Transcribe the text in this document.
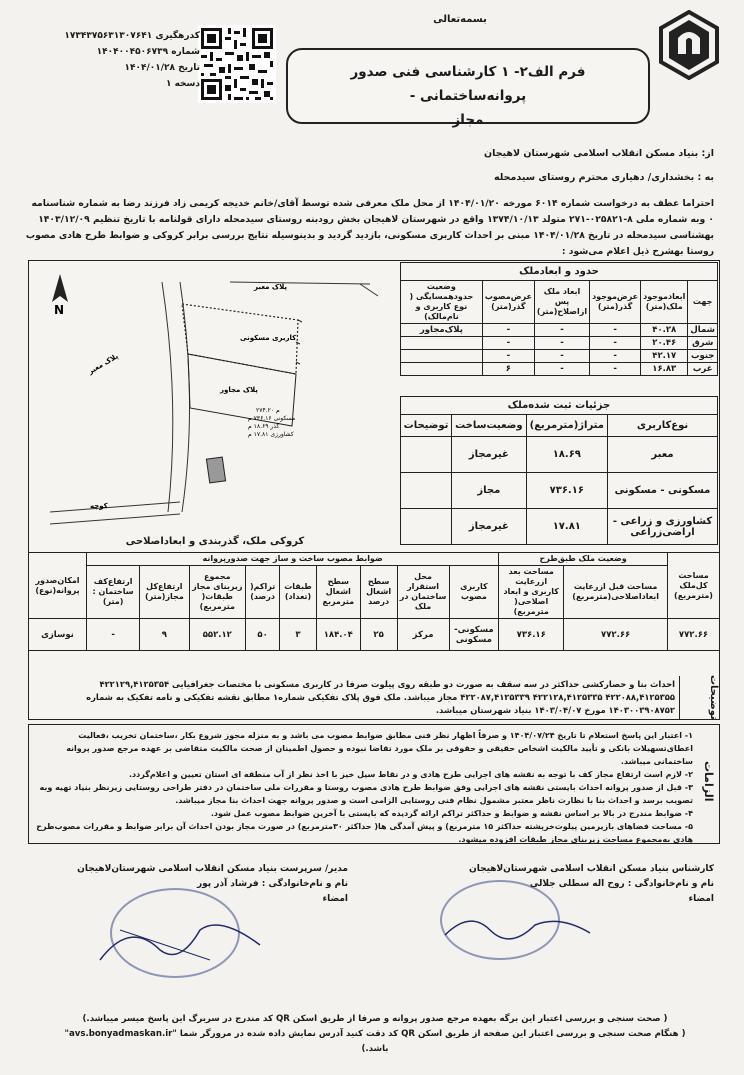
بسمه‌تعالی
کدرهگیری ۱۷۳۴۳۷۵۶۳۱۳۰۷۶۴۱
شماره ۱۴۰۴۰۰۴۵۰۶۷۳۹
تاریخ ۱۴۰۴/۰۱/۲۸
دسخه ۱
فرم الف۲- ۱ کارشناسی فنی صدور پروانه‌ساختمانی -
مجاز
از: بنیاد مسکن انقلاب اسلامی شهرستان لاهیجان
به : بخشداری/ دهیاری محترم روستای سیدمحله
احتراما عطف به درخواست شماره ۶۰۱۴ مورخه ۱۴۰۴/۰۱/۲۰ از محل ملک معرفی شده توسط آقای/خانم خدیجه کریمی زاد فرزند رضا به شماره شناسنامه ۰ وبه شماره ملی ۸-۰۲۵۸۲۱-۲۷۱ متولد ۱۳۷۴/۱۰/۱۳ واقع در شهرستان لاهیجان بخش رودبنه روستای سیدمحله دارای قولنامه با تاریخ تنظیم ۱۴۰۳/۱۲/۰۹ بهشناسی سیدمحله در تاریخ ۱۴۰۴/۰۱/۲۸ مبنی بر احداث کاربری مسکونی، بازدید گردید و بدینوسیله نتایج بررسی برابر کروکی و ضوابط طرح هادی مصوب روستا بهشرح ذیل اعلام می‌شود :
N
کاربری مسکونی
پلاک معبر
پلاک مجاور
پلاک معبر
کوچه
۲۷۴.۲۰ م
مسکونی ۷۳۶.۱۶ م
گذر ۱۸.۶۹ م
کشاورزی ۱۷.۸۱ م
کروکی ملک، گذربندی و ابعاداصلاحی
حدود و ابعادملک					
جهت	ابعادموجود ملک(متر)	عرض‌موجود گذر(متر)	ابعاد ملک پس ازاصلاح(متر)	عرض‌مصوب گذر(متر)	وضعیت حدودهمسایگی ( نوع کاربری و نام‌مالک)
شمال	۴۰.۲۸	-	-	-	پلاک‌مجاور
شرق	۲۰.۴۶	-	-	-	
جنوب	۴۲.۱۷	-	-	-	
غرب	۱۶.۸۳	-	-	۶	
جزئیات ثبت شده‌ملک			
نوع‌کاربری	متراژ(مترمربع)	وضعیت‌ساخت	توضیحات
معبر	۱۸.۶۹	غیرمجاز	
مسکونی - مسکونی	۷۳۶.۱۶	مجاز	
کشاورزی و زراعی - اراضی‌زراعی	۱۷.۸۱	غیرمجاز	
مساحت کل‌ملک (مترمربع)	وضعیت ملک طبق‌طرح		ضوابط مصوب ساخت و ساز جهت صدورپروانه									امکان‌صدور پروانه(نوع)
	مساحت قبل ازرعایت ابعاداصلاحی(مترمربع)	مساحت بعد ازرعایت کاربری و ابعاد اصلاحی( مترمربع)	کاربری مصوب	محل استقرار ساختمان در ملک	سطح اشغال درصد	سطح اشغال مترمربع	طبقات (تعداد)	تراکم( درصد)	مجموع زیربنای مجاز طبقات( مترمربع)	ارتفاع‌کل مجاز(متر)	ارتفاع‌کف ساختمان : (متر)	
۷۷۲.۶۶	۷۷۲.۶۶	۷۳۶.۱۶	مسکونی-مسکونی	مرکز	۲۵	۱۸۴.۰۴	۳	۵۰	۵۵۲.۱۲	۹	-	نوسازی
توضیحات
احداث بنا و حصارکشی حداکثر در سه سقف به صورت دو طبقه روی پیلوت صرفا در کاربری مسکونی با مختصات جغرافیایی ۴۲۲۱۲۹,۴۱۲۵۳۵۴ ۴۲۲۰۸۸,۴۱۲۵۳۵۵ ۴۲۲۱۲۸,۴۱۲۵۳۳۵ ۴۲۲۰۸۷,۴۱۲۵۳۳۹ مجاز میباشد. ملک فوق پلاک تفکیکی شماره۱ مطابق نقشه تفکیکی و نامه تفکیک به شماره ۱۴۰۳۰۰۳۹۰۸۷۵۲ مورخ ۱۴۰۳/۰۴/۰۷ بنیاد شهرستان میباشد.
الزامات
۱- اعتبار این پاسخ استعلام تا تاریخ ۱۴۰۴/۰۷/۲۴ و صرفاً اظهار نظر فنی مطابق ضوابط مصوب می باشد و به منزله مجوز شروع بکار ،ساختمان تخریب ،فعالیت اعطای‌تسهیلات بانکی و تأیید مالکیت اشخاص حقیقی و حقوقی بر ملک مورد تقاضا نبوده و حصول اطمینان از صحت مالکیت متقاضی بر عهده مرجع صدور پروانه ساختمانی میباشد.
۲- لازم است ارتفاع مجاز کف با توجه به نقشه های اجرایی طرح هادی و در نقاط سیل خیز با اخذ نظر از آب منطقه ای استان تعیین و اعلام‌گردد.
۳- قبل از صدور پروانه احداث بایستی نقشه های اجرایی وفق ضوابط طرح هادی مصوب روستا و مقررات ملی ساختمان در دفتر طراحی روستایی زیرنظر بنیاد تهیه وبه تصویب برسد و احداث بنا با نظارت ناظر معتبر مشمول نظام فنی روستایی الزامی است و صدور پروانه جهت احداث بنا مجاز میباشد.
۴- ضوابط مندرج در بالا بر اساس نقشه و ضوابط و حداکثر تراکم ارائه گردیده که بایستی با آخرین ضوابط مصوب عمل شود.
۵- مساحت فضاهای بازیرمین پیلوت‌خرپشته حداکثر ۱۵ مترمربع) و پیش آمدگی ها( حداکثر ۳۰مترمربع) در صورت مجاز بودن احداث آن برابر ضوابط و مقررات مصوب‌طرح هادی به‌مجموع مساحت زیربنای مجاز طبقات افزوده میشود.
کارشناس بنیاد مسکن انقلاب اسلامی شهرستان‌لاهیجان
نام و نام‌خانوادگی : روح اله سطلی جلالی
امضاء
مدیر/ سرپرست بنیاد مسکن انقلاب اسلامی شهرستان‌لاهیجان
نام و نام‌خانوادگی : فرشاد آذر پور
امضاء
( صحت سنجی و بررسی اعتبار این برگه بعهده مرجع صدور پروانه و صرفا از طریق اسکن QR کد مندرج در سربرگ این پاسخ میسر میباشد.)
( هنگام صحت سنجی و بررسی اعتبار این صفحه از طریق اسکن QR کد دقت کنید آدرس نمایش داده شده در مرورگر شما "avs.bonyadmaskan.ir" باشد.)
